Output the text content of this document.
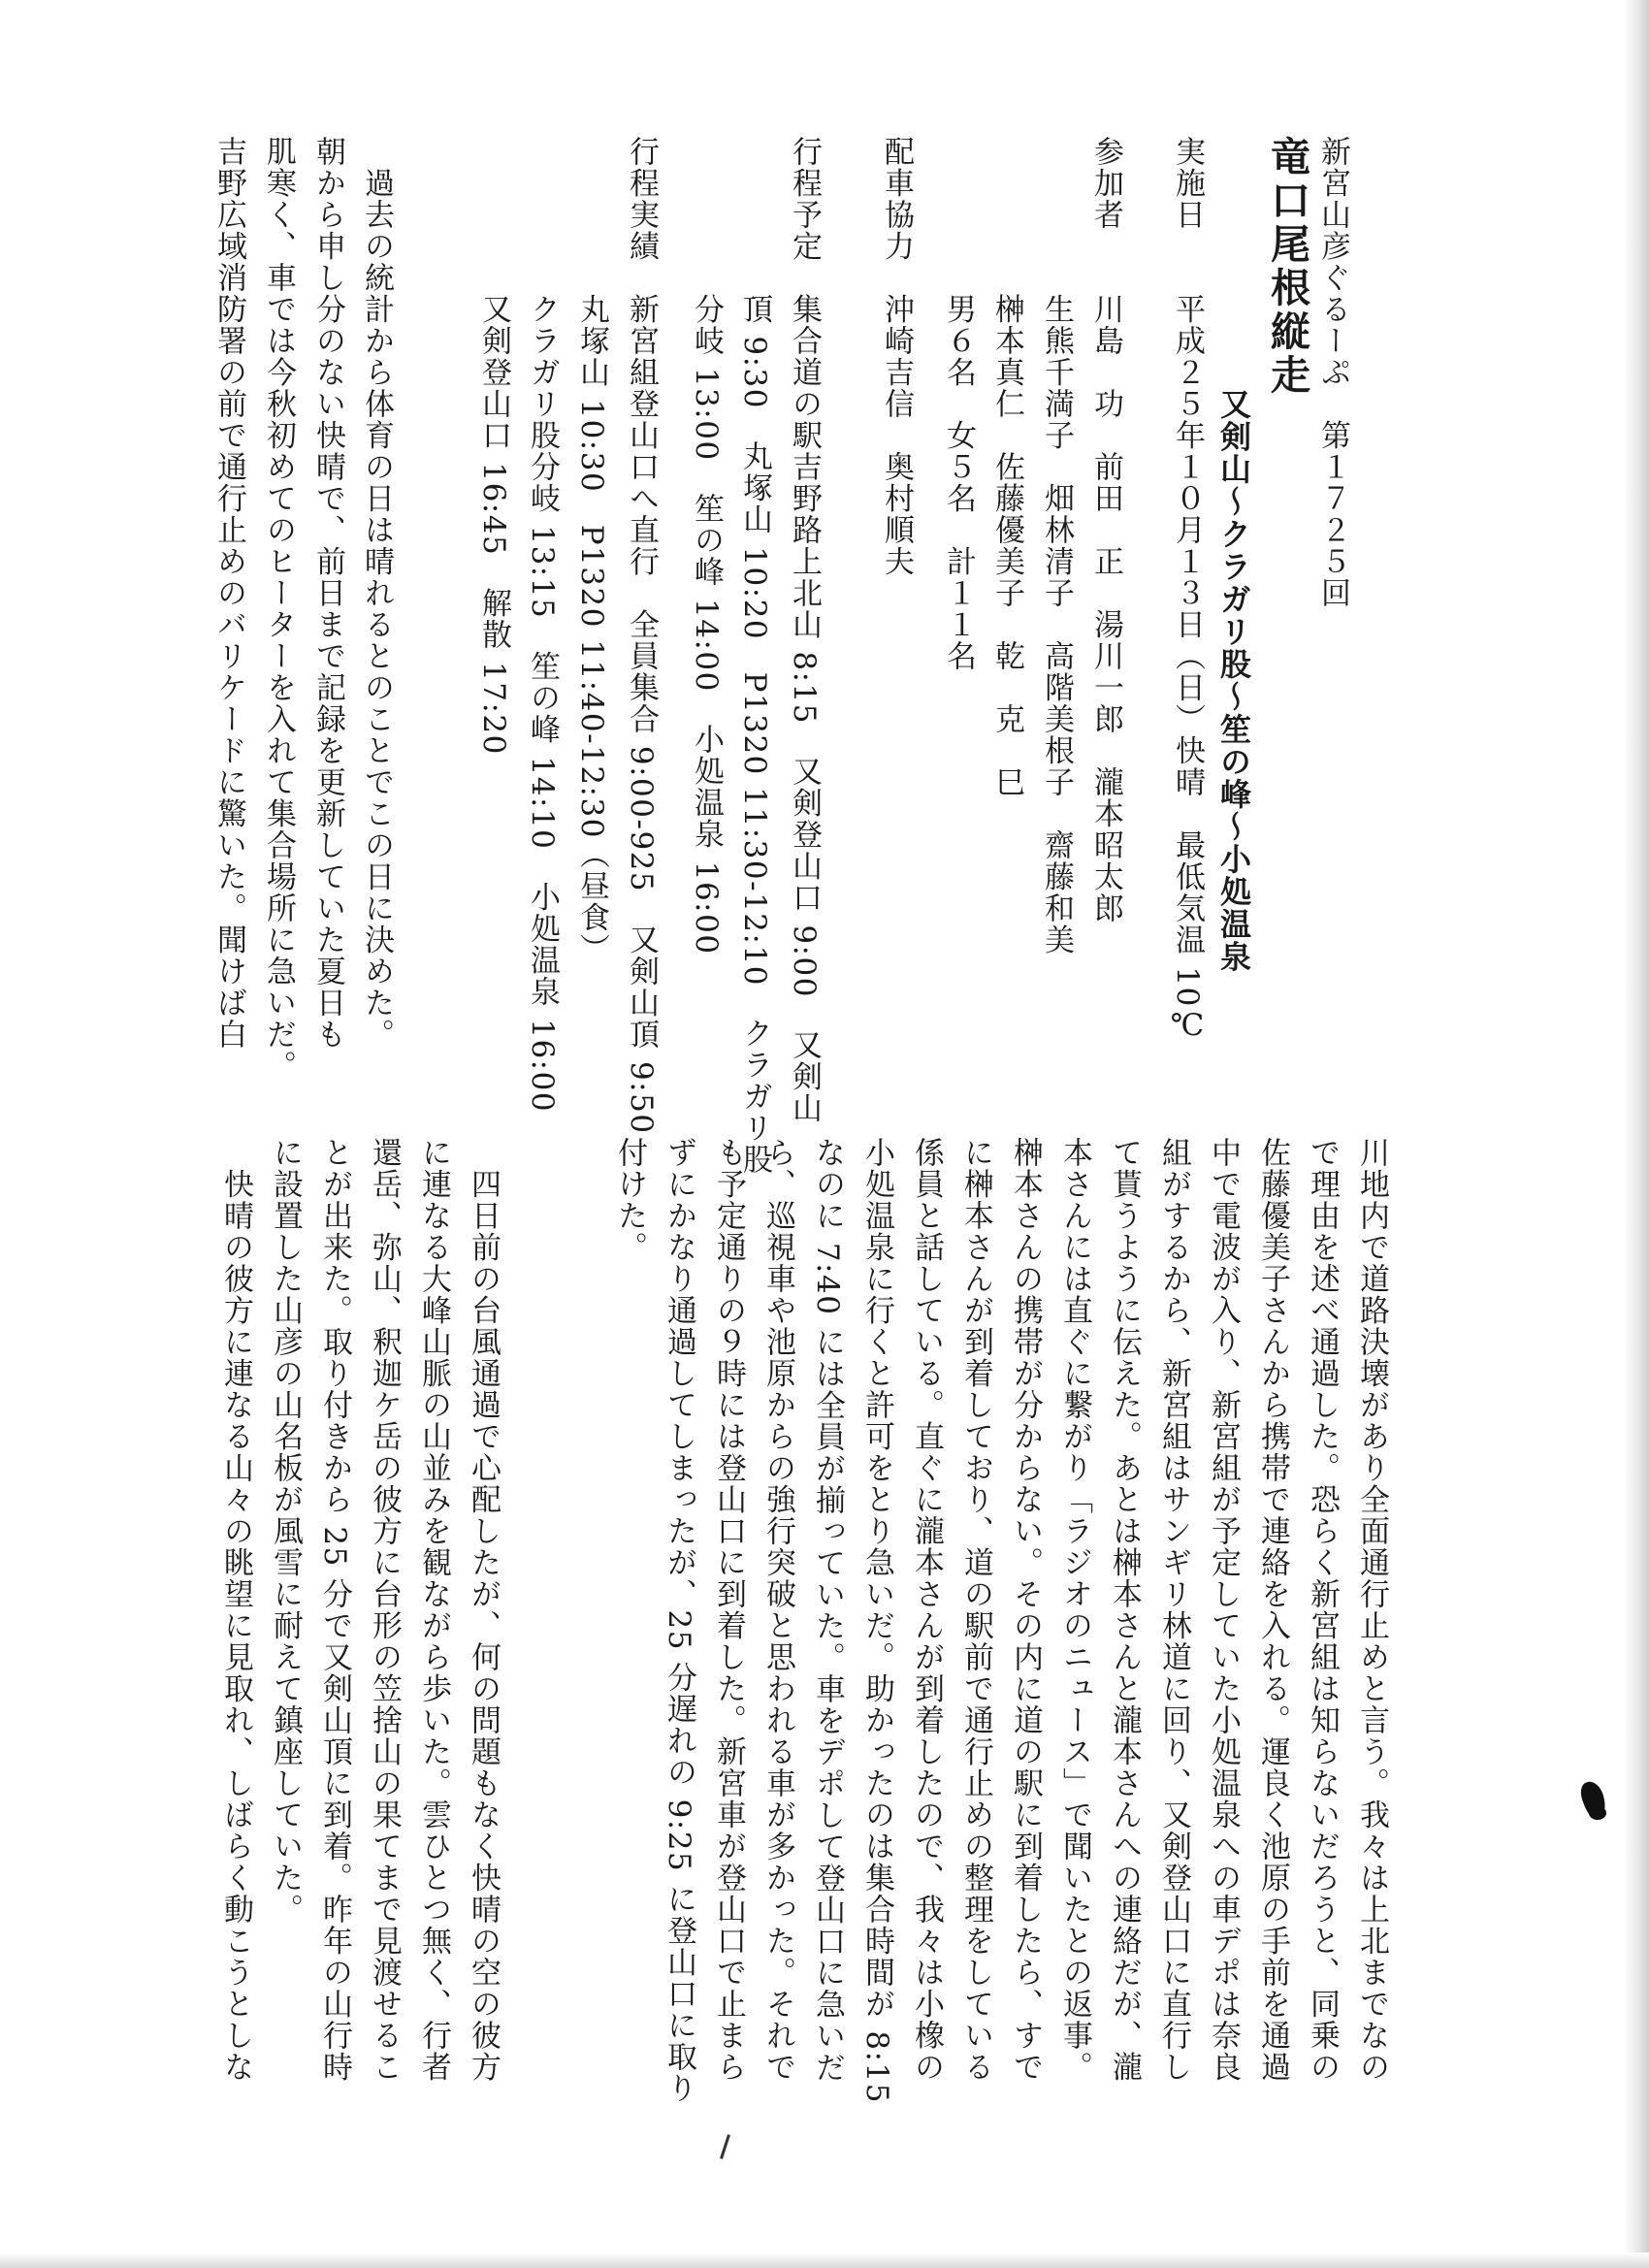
新宮山彦ぐるーぷ　第１７２５回
竜口尾根縦走
又剣山～クラガリ股～笙の峰～小処温泉
実施日　　平成２５年１０月１３日（日）快晴　最低気温 10℃
参加者　　川島　功　前田　正　湯川一郎　瀧本昭太郎
　　　　　生熊千満子　畑林清子　高階美根子　齋藤和美
　　　　　榊本真仁　佐藤優美子　乾　克　巳
　　　　　男６名　女５名　計１１名
配車協力　沖崎吉信　奥村順夫
行程予定　集合道の駅吉野路上北山 8:15　又剣登山口 9:00　又剣山
　　　　　頂 9:30　丸塚山 10:20　P1320 11:30-12:10　クラガリ股
　　　　　分岐 13:00　笙の峰 14:00　小処温泉 16:00
行程実績　新宮組登山口へ直行　全員集合 9:00-925　又剣山頂 9:50
　　　　　丸塚山 10:30　P1320 11:40-12:30（昼食）
　　　　　クラガリ股分岐 13:15　笙の峰 14:10　小処温泉 16:00
　　　　　又剣登山口 16:45　解散 17:20
　過去の統計から体育の日は晴れるとのことでこの日に決めた。
朝から申し分のない快晴で、前日まで記録を更新していた夏日も
肌寒く、車では今秋初めてのヒーターを入れて集合場所に急いだ。
吉野広域消防署の前で通行止めのバリケードに驚いた。聞けば白
川地内で道路決壊があり全面通行止めと言う。我々は上北までなの
で理由を述べ通過した。恐らく新宮組は知らないだろうと、同乗の
佐藤優美子さんから携帯で連絡を入れる。運良く池原の手前を通過
中で電波が入り、新宮組が予定していた小処温泉への車デポは奈良
組がするから、新宮組はサンギリ林道に回り、又剣登山口に直行し
て貰うように伝えた。あとは榊本さんと瀧本さんへの連絡だが、瀧
本さんには直ぐに繋がり「ラジオのニュース」で聞いたとの返事。
榊本さんの携帯が分からない。その内に道の駅に到着したら、すで
に榊本さんが到着しており、道の駅前で通行止めの整理をしている
係員と話している。直ぐに瀧本さんが到着したので、我々は小橡の
小処温泉に行くと許可をとり急いだ。助かったのは集合時間が 8:15
なのに 7:40 には全員が揃っていた。車をデポして登山口に急いだ
ら、巡視車や池原からの強行突破と思われる車が多かった。それで
も予定通りの９時には登山口に到着した。新宮車が登山口で止まら
ずにかなり通過してしまったが、25 分遅れの 9:25 に登山口に取り
付けた。
　四日前の台風通過で心配したが、何の問題もなく快晴の空の彼方
に連なる大峰山脈の山並みを観ながら歩いた。雲ひとつ無く、行者
還岳、弥山、釈迦ケ岳の彼方に台形の笠捨山の果てまで見渡せるこ
とが出来た。取り付きから 25 分で又剣山頂に到着。昨年の山行時
に設置した山彦の山名板が風雪に耐えて鎮座していた。
　快晴の彼方に連なる山々の眺望に見取れ、しばらく動こうとしな
